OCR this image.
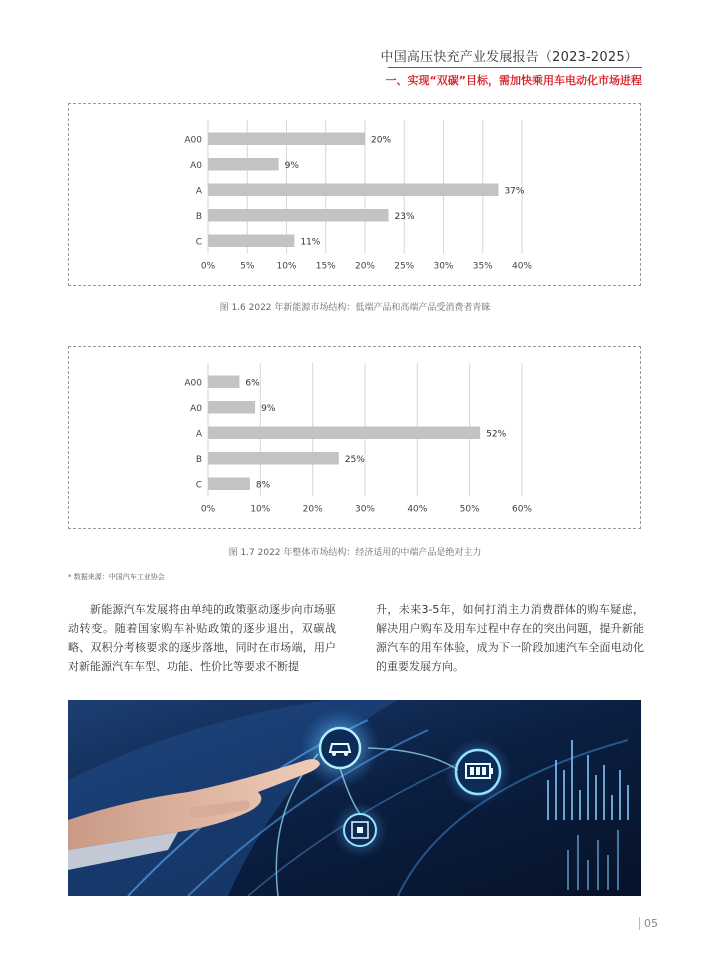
中国高压快充产业发展报告（2023-2025）
一、实现“双碳”目标，需加快乘用车电动化市场进程
0%	5% 10% 15% 20% 25% 30% 35% 40%
A00	20%
A0	9%
A	37%
B	23%
C	11%
图 1.6 2022 年新能源市场结构：低端产品和高端产品受消费者青睐
0%	10%	20%	30%	40%	50%	60%
A00	6%
A0	9%
A	52%
B	25%
C	8%
图 1.7 2022 年整体市场结构：经济适用的中端产品是绝对主力
* 数据来源：中国汽车工业协会
新能源汽车发展将由单纯的政策驱动逐步向市场驱动转变。随着国家购车补贴政策的逐步退出，双碳战略、双积分考核要求的逐步落地，同时在市场端，用户对新能源汽车车型、功能、性价比等要求不断提
升，未来3-5年，如何打消主力消费群体的购车疑虑，解决用户购车及用车过程中存在的突出问题，提升新能源汽车的用车体验，成为下一阶段加速汽车全面电动化的重要发展方向。
05
